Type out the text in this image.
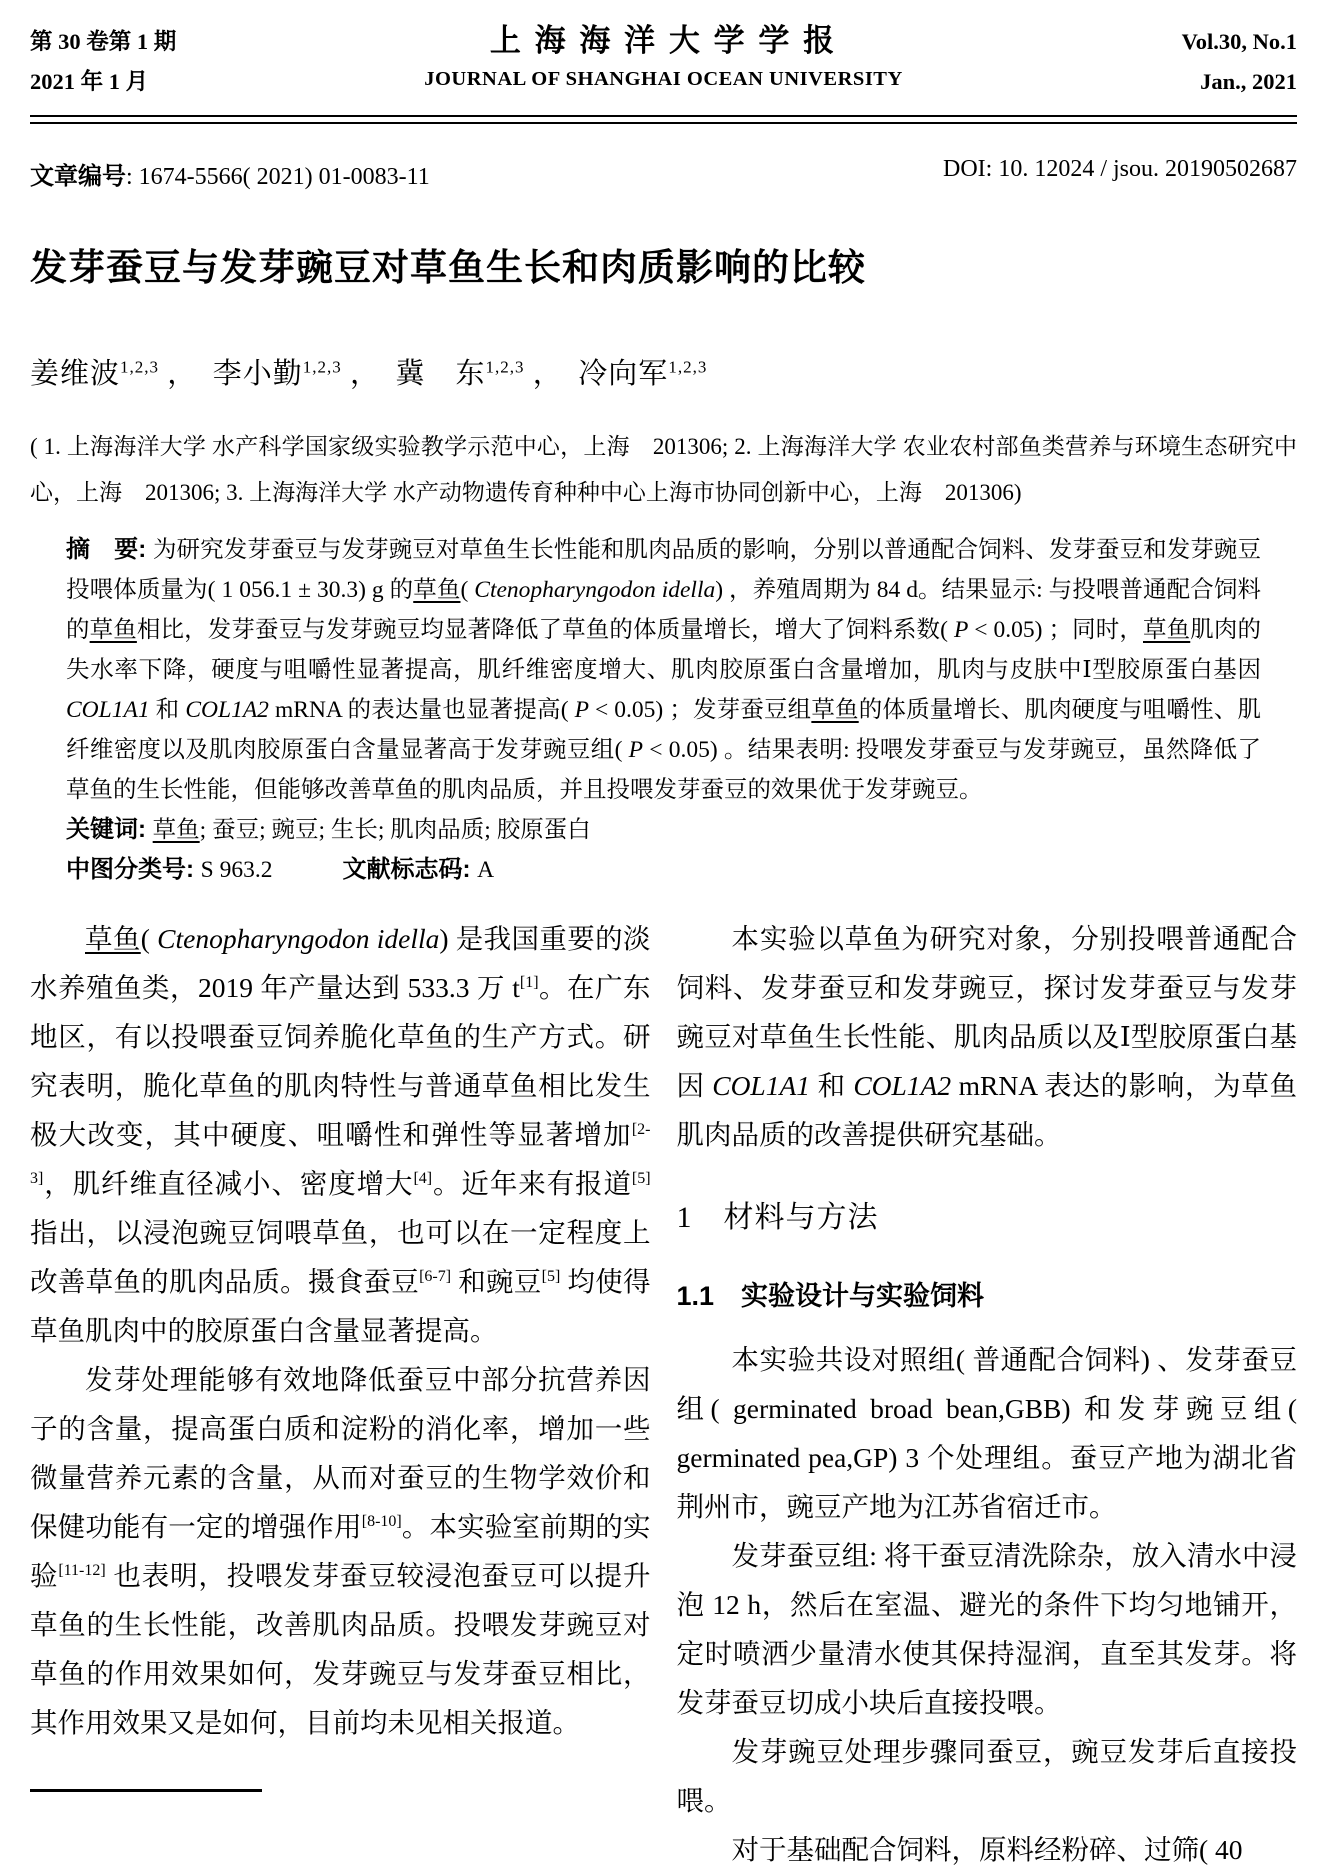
第 30 卷第 1 期
2021 年 1 月
上 海 海 洋 大 学 学 报
JOURNAL OF SHANGHAI OCEAN UNIVERSITY
Vol.30, No.1
Jan., 2021
文章编号: 1674-5566( 2021) 01-0083-11	DOI: 10. 12024 / jsou. 20190502687
发芽蚕豆与发芽豌豆对草鱼生长和肉质影响的比较
姜维波$^{1,2,3}$ ，　李小勤$^{1,2,3}$ ，　冀　东$^{1,2,3}$ ，　冷向军$^{1,2,3}$
( 1. 上海海洋大学 水产科学国家级实验教学示范中心，上海　201306; 2. 上海海洋大学 农业农村部鱼类营养与环境生态研究中心，上海　201306; 3. 上海海洋大学 水产动物遗传育种种中心上海市协同创新中心，上海　201306)
摘　要: 为研究发芽蚕豆与发芽豌豆对草鱼生长性能和肌肉品质的影响，分别以普通配合饲料、发芽蚕豆和发芽豌豆投喂体质量为( 1 056.1 ± 30.3) g 的草鱼( Ctenopharyngodon idella) ，养殖周期为 84 d。结果显示: 与投喂普通配合饲料的草鱼相比，发芽蚕豆与发芽豌豆均显著降低了草鱼的体质量增长，增大了饲料系数( P < 0.05) ；同时，草鱼肌肉的失水率下降，硬度与咀嚼性显著提高，肌纤维密度增大、肌肉胶原蛋白含量增加，肌肉与皮肤中Ⅰ型胶原蛋白基因 COL1A1 和 COL1A2 mRNA 的表达量也显著提高( P < 0.05) ；发芽蚕豆组草鱼的体质量增长、肌肉硬度与咀嚼性、肌纤维密度以及肌肉胶原蛋白含量显著高于发芽豌豆组( P < 0.05) 。结果表明: 投喂发芽蚕豆与发芽豌豆，虽然降低了草鱼的生长性能，但能够改善草鱼的肌肉品质，并且投喂发芽蚕豆的效果优于发芽豌豆。
关键词: 草鱼; 蚕豆; 豌豆; 生长; 肌肉品质; 胶原蛋白
中图分类号: S 963.2	文献标志码: A

草鱼( Ctenopharyngodon idella) 是我国重要的淡水养殖鱼类，2019 年产量达到 533.3 万 t[1]。在广东地区，有以投喂蚕豆饲养脆化草鱼的生产方式。研究表明，脆化草鱼的肌肉特性与普通草鱼相比发生极大改变，其中硬度、咀嚼性和弹性等显著增加[2-3]，肌纤维直径减小、密度增大[4]。近年来有报道[5] 指出，以浸泡豌豆饲喂草鱼，也可以在一定程度上改善草鱼的肌肉品质。摄食蚕豆[6-7] 和豌豆[5] 均使得草鱼肌肉中的胶原蛋白含量显著提高。

发芽处理能够有效地降低蚕豆中部分抗营养因子的含量，提高蛋白质和淀粉的消化率，增加一些微量营养元素的含量，从而对蚕豆的生物学效价和保健功能有一定的增强作用[8-10]。本实验室前期的实验[11-12] 也表明，投喂发芽蚕豆较浸泡蚕豆可以提升草鱼的生长性能，改善肌肉品质。投喂发芽豌豆对草鱼的作用效果如何，发芽豌豆与发芽蚕豆相比，其作用效果又是如何，目前均未见相关报道。

本实验以草鱼为研究对象，分别投喂普通配合饲料、发芽蚕豆和发芽豌豆，探讨发芽蚕豆与发芽豌豆对草鱼生长性能、肌肉品质以及Ⅰ型胶原蛋白基因 COL1A1 和 COL1A2 mRNA 表达的影响，为草鱼肌肉品质的改善提供研究基础。

1　材料与方法
1.1　实验设计与实验饲料

本实验共设对照组( 普通配合饲料) 、发芽蚕豆组( germinated broad bean,GBB) 和发芽豌豆组( germinated pea,GP) 3 个处理组。蚕豆产地为湖北省荆州市，豌豆产地为江苏省宿迁市。

发芽蚕豆组: 将干蚕豆清洗除杂，放入清水中浸泡 12 h，然后在室温、避光的条件下均匀地铺开，定时喷洒少量清水使其保持湿润，直至其发芽。将发芽蚕豆切成小块后直接投喂。

发芽豌豆处理步骤同蚕豆，豌豆发芽后直接投喂。

对于基础配合饲料，原料经粉碎、过筛( 40
